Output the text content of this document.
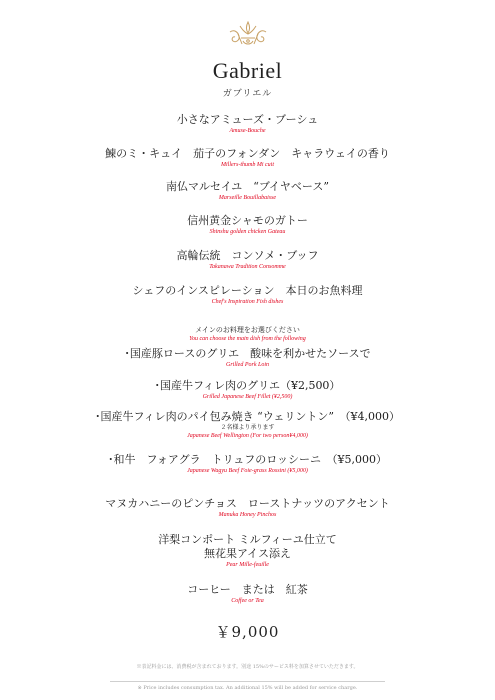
Gabriel
ガブリエル
小さなアミューズ・ブーシュ
Amuse-Bouche
鰊のミ・キュイ　茄子のフォンダン　キャラウェイの香り
Millers-thumb Mi cuit
南仏マルセイユ　“ブイヤベース”
Marseille Bouillabaisse
信州黄金シャモのガトー
Shinshu golden chicken Gateau
高輪伝統　コンソメ・ブッフ
Takanawa Tradition Consomme
シェフのインスピレーション　本日のお魚料理
Chef's Inspiration Fish dishes
メインのお料理をお選びください
You can choose the main dish from the following
･国産豚ロースのグリエ　酸味を利かせたソースで
Grilled Pork Loin
･国産牛フィレ肉のグリエ（¥2,500）
Grilled Japanese Beef Fillet (¥2,500)
･国産牛フィレ肉のパイ包み焼き “ウェリントン”　（¥4,000）
２名様より承ります
Japanese Beef Wellington (For two person¥4,000)
･和牛　フォアグラ　トリュフのロッシーニ　（¥5,000）
Japanese Wagyu Beef Foie-grass Rossini (¥5,000)
マヌカハニーのピンチョス　ローストナッツのアクセント
Manuka Honey Pinchos
洋梨コンポート ミルフィーユ仕立て
無花果アイス添え
Pear Mille-feuille
コーヒー　または　紅茶
Coffee or Tea
￥9,000
※表記料金には、消費税が含まれております。別途 15%のサービス料を加算させていただきます。
※ Price includes consumption tax. An additional 15% will be added for service charge.
